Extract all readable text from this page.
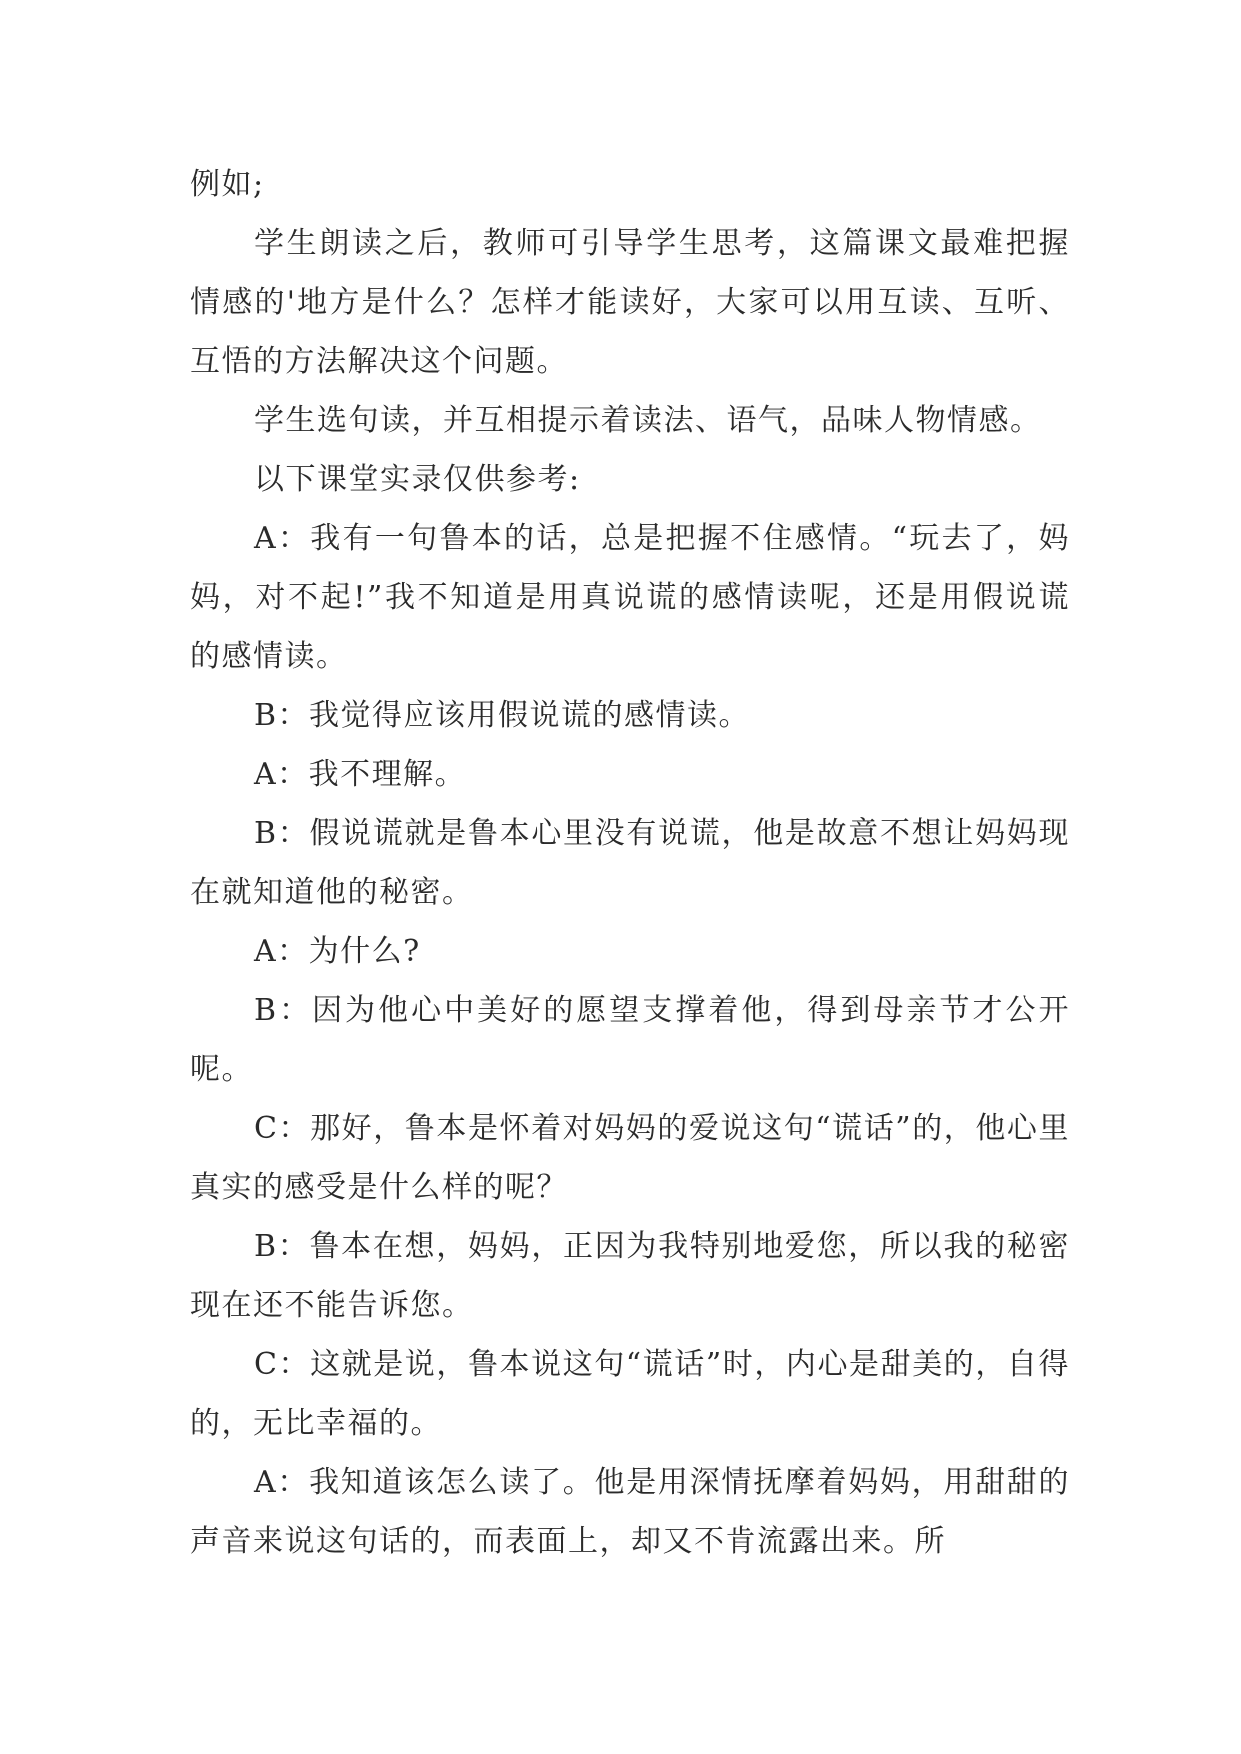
例如;

学生朗读之后，教师可引导学生思考，这篇课文最难把握情感的'地方是什么？怎样才能读好，大家可以用互读、互听、互悟的方法解决这个问题。

学生选句读，并互相提示着读法、语气，品味人物情感。

以下课堂实录仅供参考:

A：我有一句鲁本的话，总是把握不住感情。“玩去了，妈妈，对不起!”我不知道是用真说谎的感情读呢，还是用假说谎的感情读。

B：我觉得应该用假说谎的感情读。

A：我不理解。

B：假说谎就是鲁本心里没有说谎，他是故意不想让妈妈现在就知道他的秘密。

A：为什么?

B：因为他心中美好的愿望支撑着他，得到母亲节才公开呢。

C：那好，鲁本是怀着对妈妈的爱说这句“谎话”的，他心里真实的感受是什么样的呢？

B：鲁本在想，妈妈，正因为我特别地爱您，所以我的秘密现在还不能告诉您。

C：这就是说，鲁本说这句“谎话”时，内心是甜美的，自得的，无比幸福的。

A：我知道该怎么读了。他是用深情抚摩着妈妈，用甜甜的声音来说这句话的，而表面上，却又不肯流露出来。所
